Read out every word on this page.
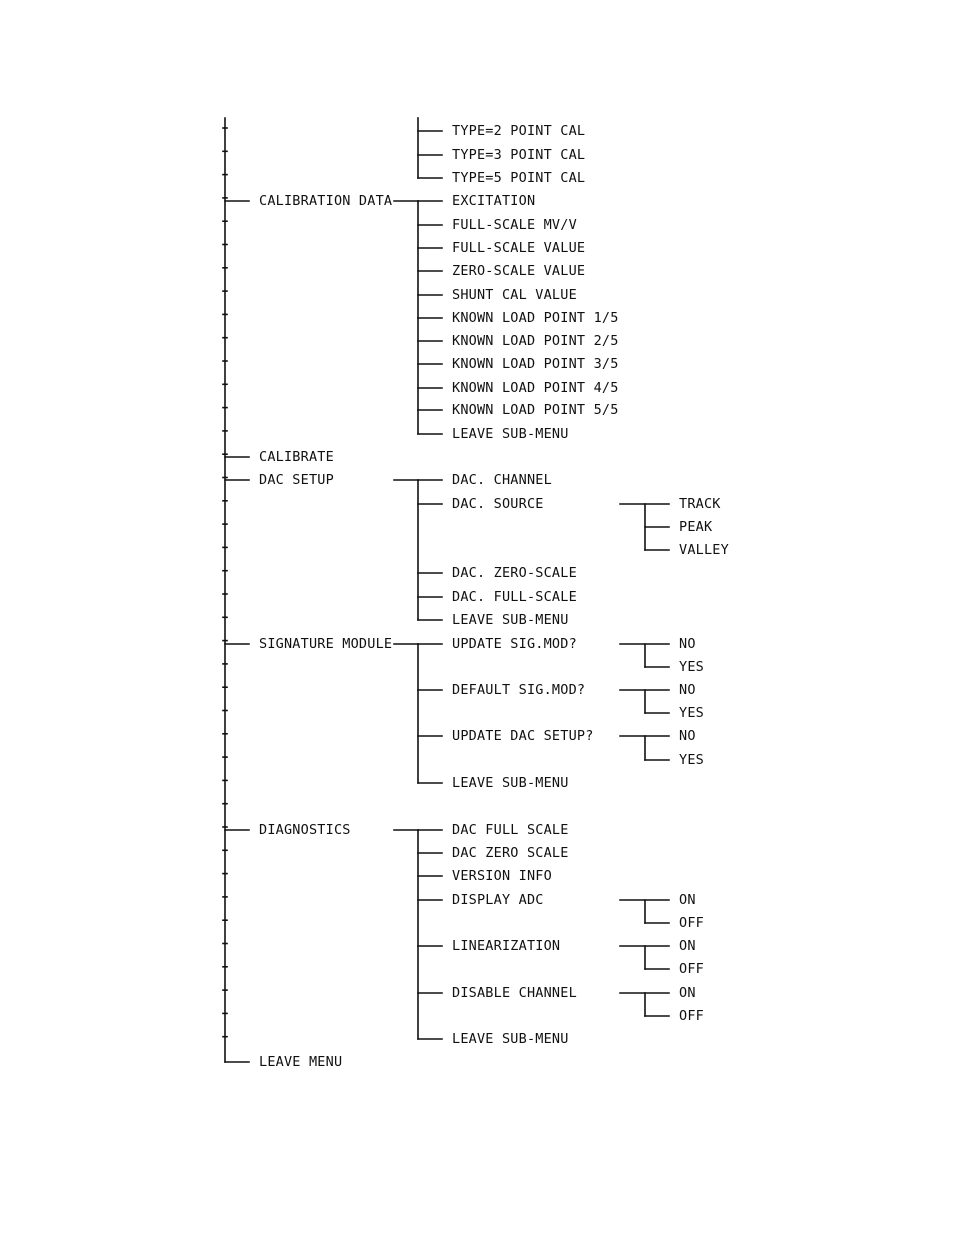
TYPE=2 POINT CAL
TYPE=3 POINT CAL
TYPE=5 POINT CAL
CALIBRATION DATA	EXCITATION
FULL-SCALE MV/V
FULL-SCALE VALUE
ZERO-SCALE VALUE
SHUNT CAL VALUE
KNOWN LOAD POINT 1/5
KNOWN LOAD POINT 2/5
KNOWN LOAD POINT 3/5
KNOWN LOAD POINT 4/5
KNOWN LOAD POINT 5/5
LEAVE SUB-MENU
CALIBRATE
DAC SETUP	DAC. CHANNEL
DAC. SOURCE	TRACK
PEAK
VALLEY
DAC. ZERO-SCALE
DAC. FULL-SCALE
LEAVE SUB-MENU
SIGNATURE MODULE	UPDATE SIG.MOD?	NO
YES
DEFAULT SIG.MOD?	NO
YES
UPDATE DAC SETUP?	NO
YES
LEAVE SUB-MENU
DIAGNOSTICS	DAC FULL SCALE
DAC ZERO SCALE
VERSION INFO
DISPLAY ADC	ON
OFF
LINEARIZATION	ON
OFF
DISABLE CHANNEL	ON
OFF
LEAVE SUB-MENU
LEAVE MENU
